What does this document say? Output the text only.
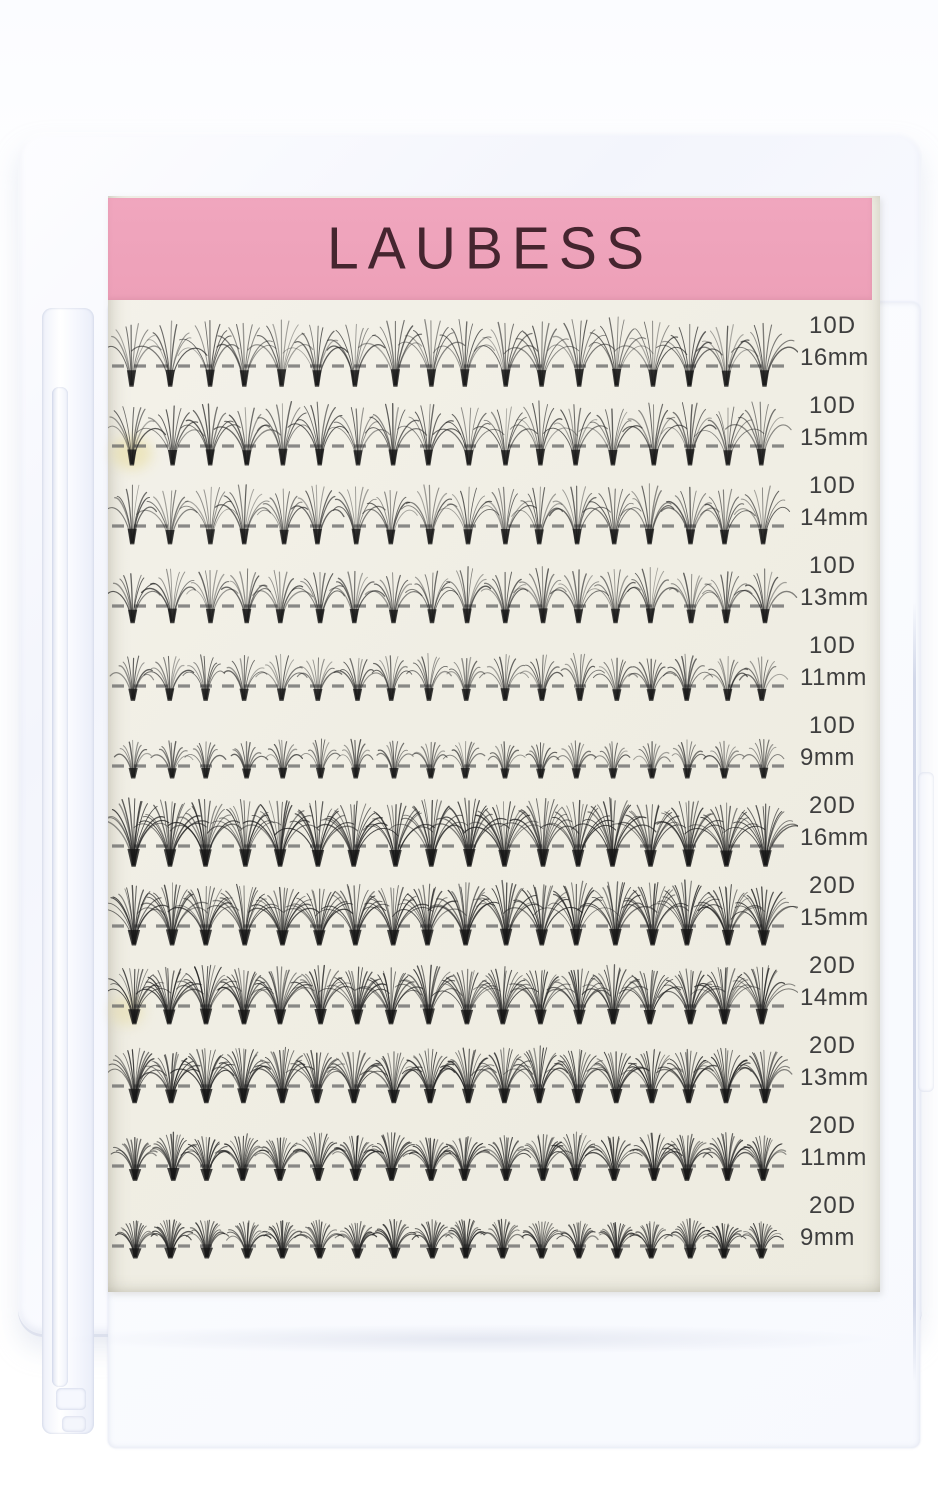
LAUBESS
10D
16mm
10D
15mm
10D
14mm
10D
13mm
10D
11mm
10D
9mm
20D
16mm
20D
15mm
20D
14mm
20D
13mm
20D
11mm
20D
9mm
